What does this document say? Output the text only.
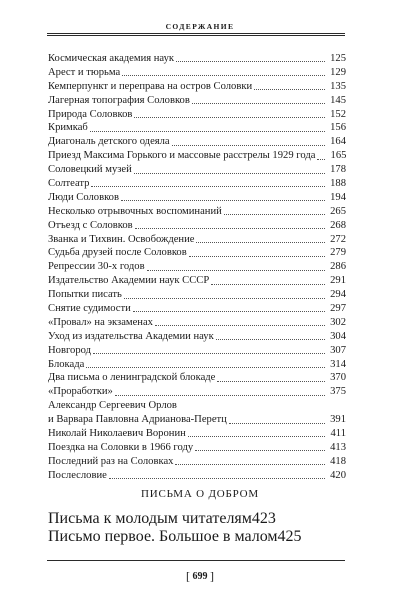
СОДЕРЖАНИЕ
Космическая академия наук	125
Арест и тюрьма	129
Кемперпункт и переправа на остров Соловки	135
Лагерная топография Соловков	145
Природа Соловков	152
Кримкаб	156
Диагональ детского одеяла	164
Приезд Максима Горького и массовые расстрелы 1929 года	165
Соловецкий музей	178
Солтеатр	188
Люди Соловков	194
Несколько отрывочных воспоминаний	265
Отъезд с Соловков	268
Званка и Тихвин. Освобождение	272
Судьба друзей после Соловков	279
Репрессии 30-х годов	286
Издательство Академии наук СССР	291
Попытки писать	294
Снятие судимости	297
«Провал» на экзаменах	302
Уход из издательства Академии наук	304
Новгород	307
Блокада	314
Два письма о ленинградской блокаде	370
«Проработки»	375
Александр Сергеевич Орлов
и Варвара Павловна Адрианова-Перетц	391
Николай Николаевич Воронин	411
Поездка на Соловки в 1966 году	413
Последний раз на Соловках	418
Послесловие	420
ПИСЬМА О ДОБРОМ
Письма к молодым читателям423
Письмо первое. Большое в малом425
[ 699 ]
